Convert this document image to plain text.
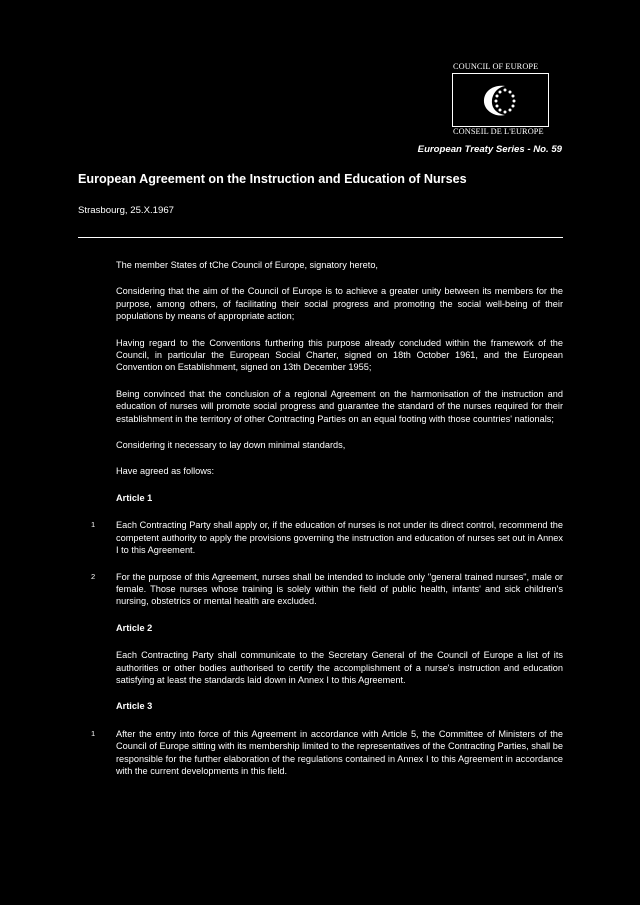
COUNCIL OF EUROPE
CONSEIL DE L'EUROPE
European Treaty Series - No. 59
European Agreement on the Instruction and Education of Nurses
Strasbourg, 25.X.1967

The member States of tChe Council of Europe, signatory hereto,

Considering that the aim of the Council of Europe is to achieve a greater unity between its members for the purpose, among others, of facilitating their social progress and promoting the social well-being of their populations by means of appropriate action;

Having regard to the Conventions furthering this purpose already concluded within the framework of the Council, in particular the European Social Charter, signed on 18th October 1961, and the European Convention on Establishment, signed on 13th December 1955;

Being convinced that the conclusion of a regional Agreement on the harmonisation of the instruction and education of nurses will promote social progress and guarantee the standard of the nurses required for their establishment in the territory of other Contracting Parties on an equal footing with those countries' nationals;

Considering it necessary to lay down minimal standards,

Have agreed as follows:

Article 1
1 Each Contracting Party shall apply or, if the education of nurses is not under its direct control, recommend the competent authority to apply the provisions governing the instruction and education of nurses set out in Annex I to this Agreement.
2 For the purpose of this Agreement, nurses shall be intended to include only "general trained nurses", male or female. Those nurses whose training is solely within the field of public health, infants' and sick children's nursing, obstetrics or mental health are excluded.
Article 2

Each Contracting Party shall communicate to the Secretary General of the Council of Europe a list of its authorities or other bodies authorised to certify the accomplishment of a nurse's instruction and education satisfying at least the standards laid down in Annex I to this Agreement.

Article 3
1 After the entry into force of this Agreement in accordance with Article 5, the Committee of Ministers of the Council of Europe sitting with its membership limited to the representatives of the Contracting Parties, shall be responsible for the further elaboration of the regulations contained in Annex I to this Agreement in accordance with the current developments in this field.
